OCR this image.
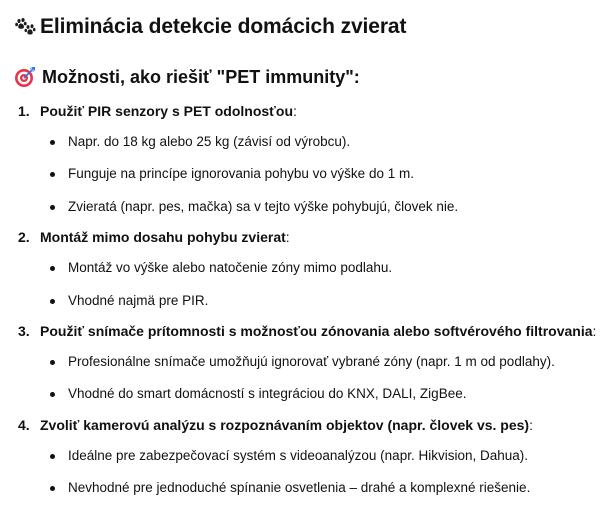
Eliminácia detekcie domácich zvierat
Možnosti, ako riešiť "PET immunity":
1. Použiť PIR senzory s PET odolnosťou:
Napr. do 18 kg alebo 25 kg (závisí od výrobcu).
Funguje na princípe ignorovania pohybu vo výške do 1 m.
Zvieratá (napr. pes, mačka) sa v tejto výške pohybujú, človek nie.
2. Montáž mimo dosahu pohybu zvierat:
Montáž vo výške alebo natočenie zóny mimo podlahu.
Vhodné najmä pre PIR.
3. Použiť snímače prítomnosti s možnosťou zónovania alebo softvérového filtrovania:
Profesionálne snímače umožňujú ignorovať vybrané zóny (napr. 1 m od podlahy).
Vhodné do smart domácností s integráciou do KNX, DALI, ZigBee.
4. Zvoliť kamerovú analýzu s rozpoznávaním objektov (napr. človek vs. pes):
Ideálne pre zabezpečovací systém s videoanalýzou (napr. Hikvision, Dahua).
Nevhodné pre jednoduché spínanie osvetlenia – drahé a komplexné riešenie.
